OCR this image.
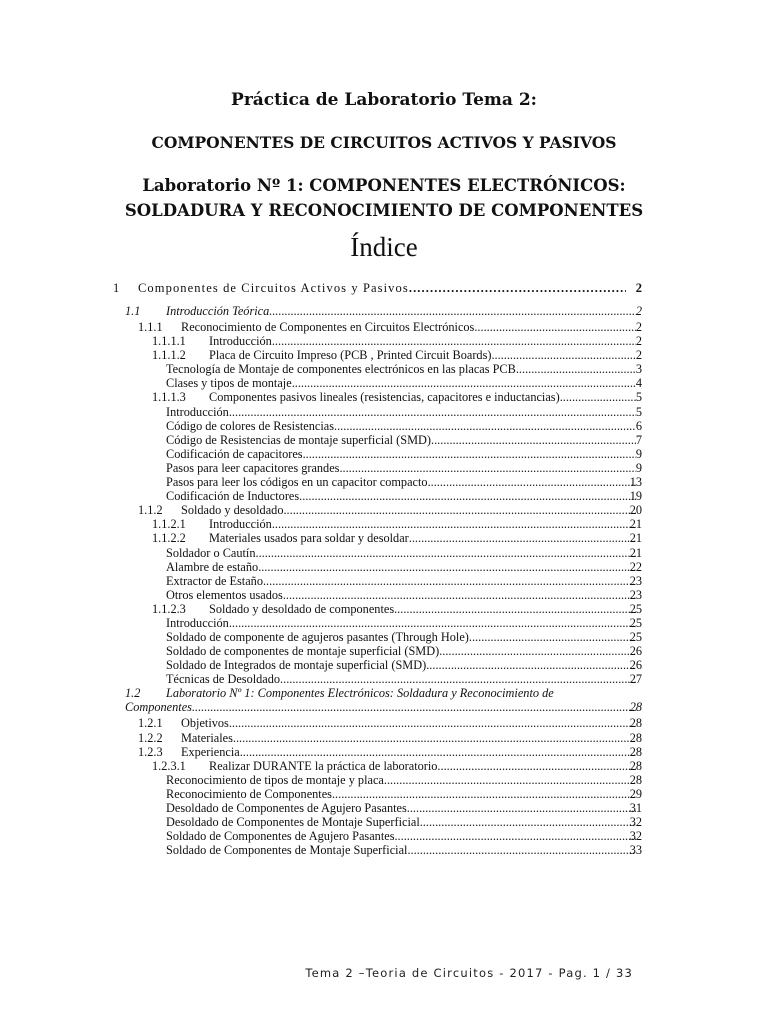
Práctica de Laboratorio Tema 2:
COMPONENTES DE CIRCUITOS ACTIVOS Y PASIVOS
Laboratorio Nº 1: COMPONENTES ELECTRÓNICOS:
SOLDADURA Y RECONOCIMIENTO DE COMPONENTES
Índice
1	Componentes de Circuitos Activos y Pasivos .....	2
1.1	Introducción Teórica .....	2
1.1.1	Reconocimiento de Componentes en Circuitos Electrónicos .....	2
1.1.1.1	Introducción .....	2
1.1.1.2	Placa de Circuito Impreso (PCB , Printed Circuit Boards) .....	2
Tecnología de Montaje de componentes electrónicos en las placas PCB .....	3
Clases y tipos de montaje .....	4
1.1.1.3	Componentes pasivos lineales (resistencias, capacitores e inductancias) .....	5
Introducción .....	5
Código de colores de Resistencias .....	6
Código de Resistencias de montaje superficial (SMD) .....	7
Codificación de capacitores .....	9
Pasos para leer capacitores grandes .....	9
Pasos para leer los códigos en un capacitor compacto .....	13
Codificación de Inductores .....	19
1.1.2	Soldado y desoldado .....	20
1.1.2.1	Introducción .....	21
1.1.2.2	Materiales usados para soldar y desoldar .....	21
Soldador o Cautín .....	21
Alambre de estaño .....	22
Extractor de Estaño .....	23
Otros elementos usados .....	23
1.1.2.3	Soldado y desoldado de componentes .....	25
Introducción .....	25
Soldado de componente de agujeros pasantes (Through Hole) .....	25
Soldado de componentes de montaje superficial (SMD) .....	26
Soldado de Integrados de montaje superficial (SMD) .....	26
Técnicas de Desoldado .....	27
1.2 Laboratorio Nº 1: Componentes Electrónicos: Soldadura y Reconocimiento de
Componentes .....	28
1.2.1	Objetivos .....	28
1.2.2	Materiales .....	28
1.2.3	Experiencia .....	28
1.2.3.1	Realizar DURANTE la práctica de laboratorio .....	28
Reconocimiento de tipos de montaje y placa .....	28
Reconocimiento de Componentes .....	29
Desoldado de Componentes de Agujero Pasantes .....	31
Desoldado de Componentes de Montaje Superficial .....	32
Soldado de Componentes de Agujero Pasantes .....	32
Soldado de Componentes de Montaje Superficial .....	33
Tema 2 –Teoria de Circuitos - 2017 - Pag. 1 / 33
